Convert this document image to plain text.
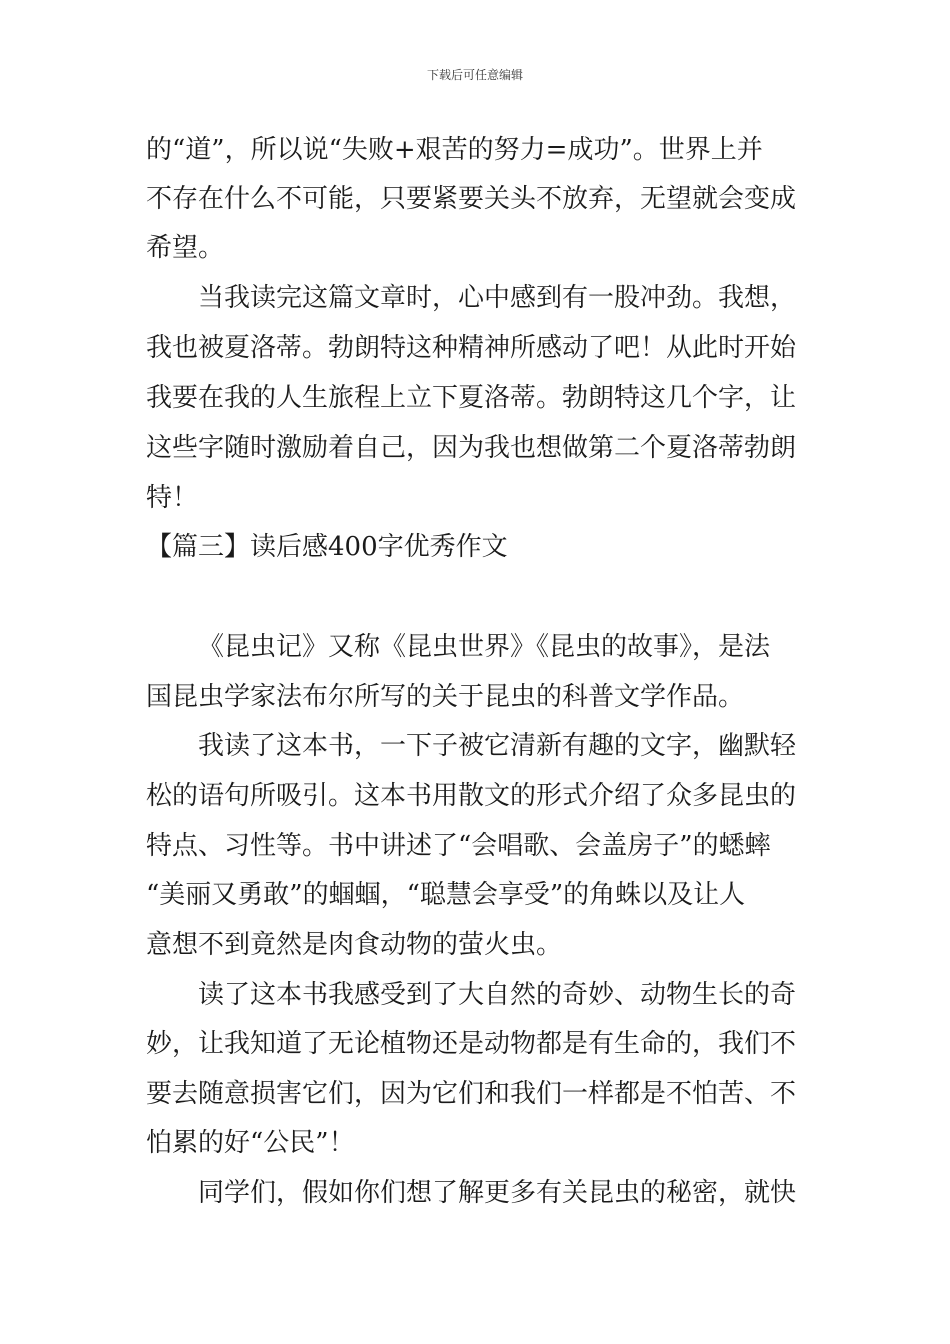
下载后可任意编辑
的“道”，所以说“失败+艰苦的努力=成功”。世界上并
不存在什么不可能，只要紧要关头不放弃，无望就会变成
希望。
当我读完这篇文章时，心中感到有一股冲劲。我想，
我也被夏洛蒂。勃朗特这种精神所感动了吧！从此时开始
我要在我的人生旅程上立下夏洛蒂。勃朗特这几个字，让
这些字随时激励着自己，因为我也想做第二个夏洛蒂勃朗
特！
【篇三】读后感400字优秀作文
《昆虫记》又称《昆虫世界》《昆虫的故事》，是法
国昆虫学家法布尔所写的关于昆虫的科普文学作品。
我读了这本书，一下子被它清新有趣的文字，幽默轻
松的语句所吸引。这本书用散文的形式介绍了众多昆虫的
特点、习性等。书中讲述了“会唱歌、会盖房子”的蟋蟀
“美丽又勇敢”的蝈蝈，“聪慧会享受”的角蛛以及让人
意想不到竟然是肉食动物的萤火虫。
读了这本书我感受到了大自然的奇妙、动物生长的奇
妙，让我知道了无论植物还是动物都是有生命的，我们不
要去随意损害它们，因为它们和我们一样都是不怕苦、不
怕累的好“公民”！
同学们，假如你们想了解更多有关昆虫的秘密，就快
